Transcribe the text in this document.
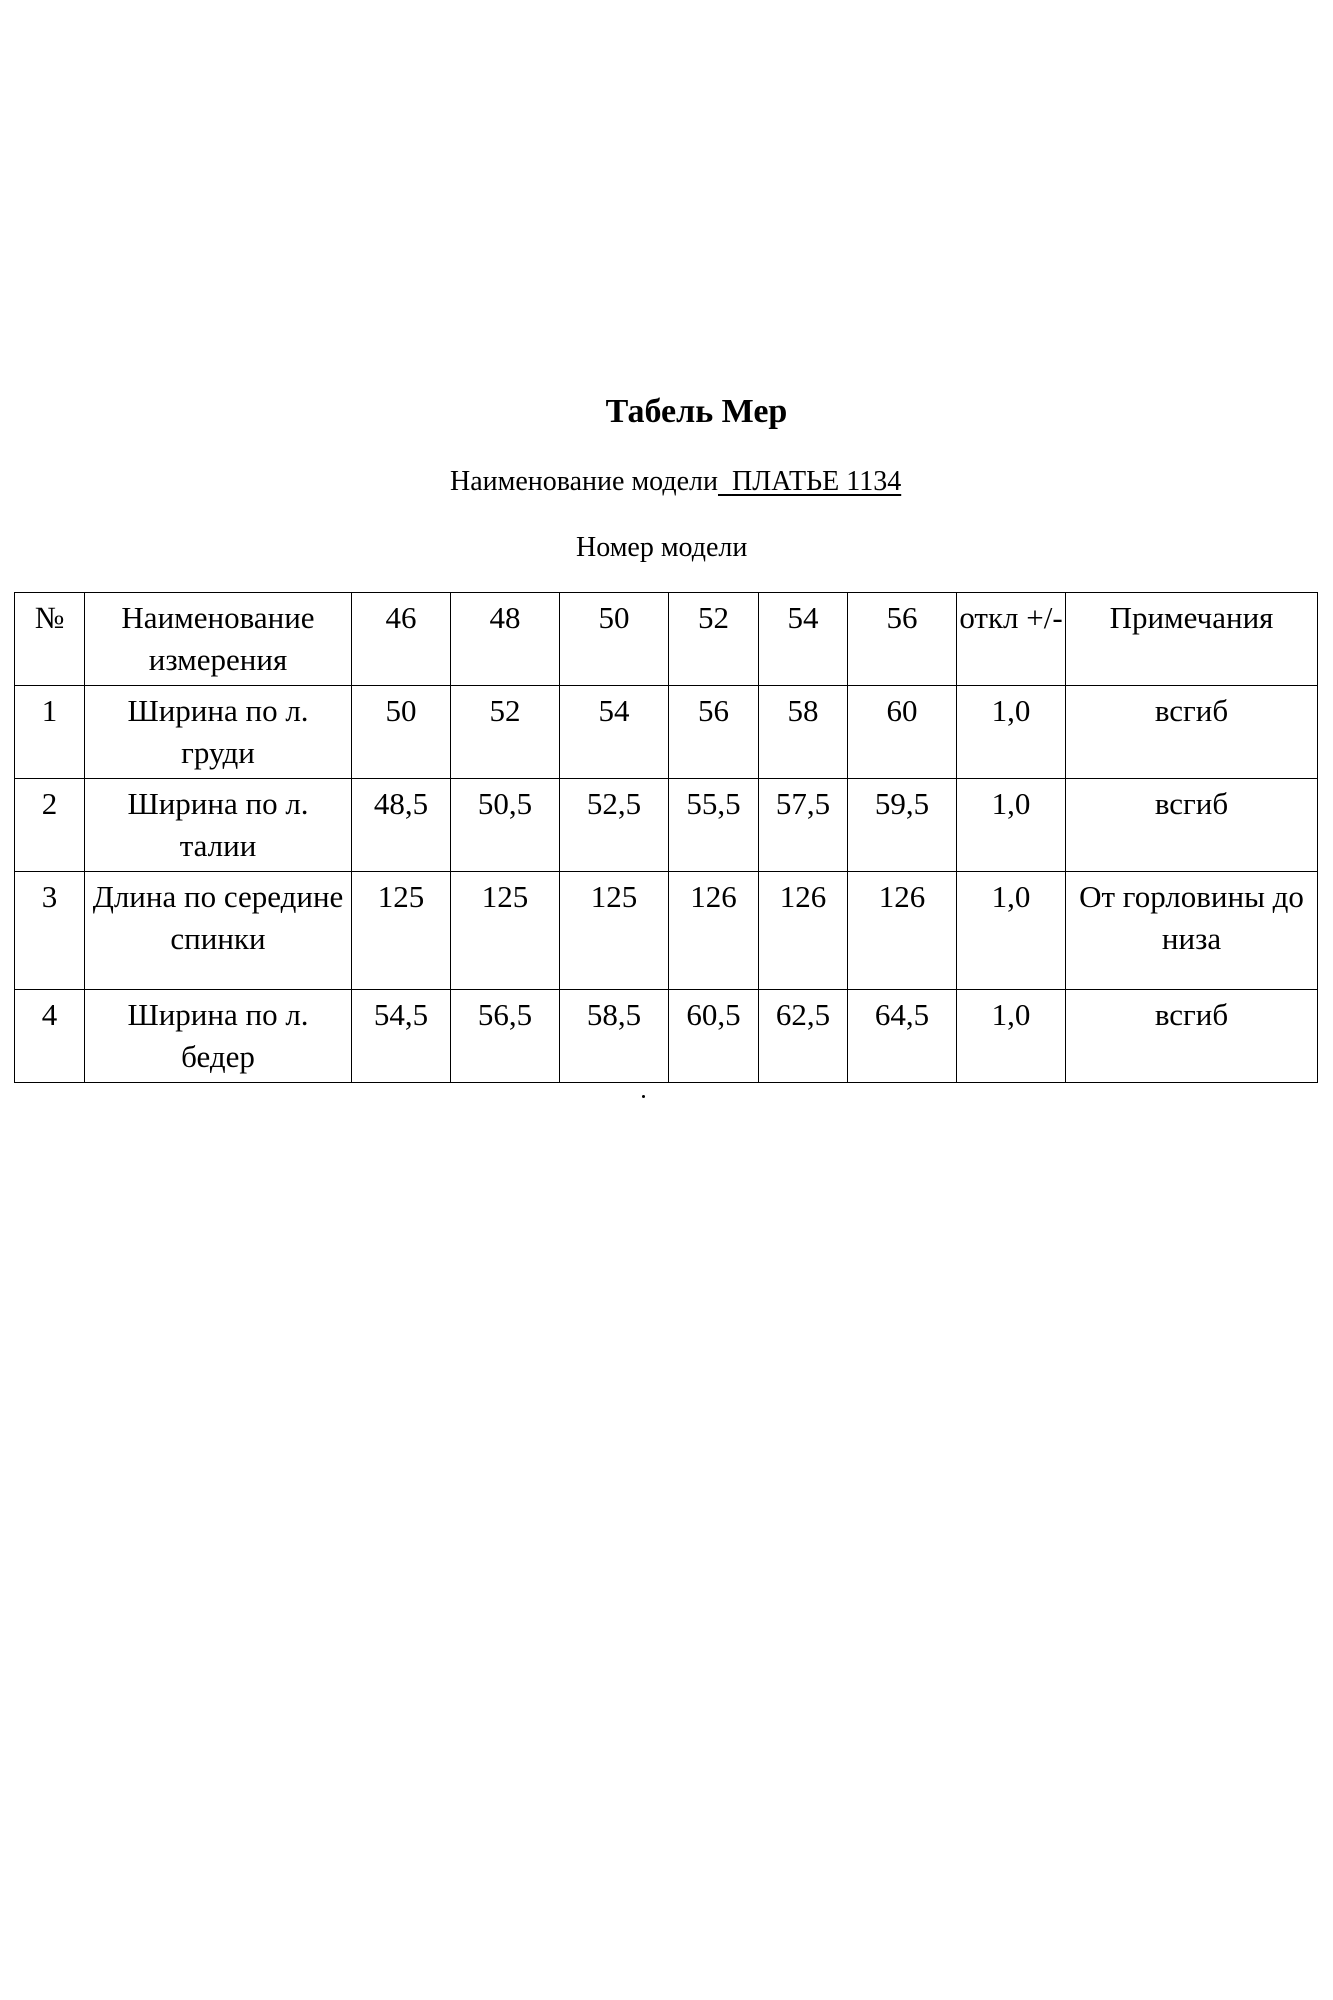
Табель Мер
Наименование модели ПЛАТЬЕ 1134
Номер модели
№	Наименование измерения	46	48	50	52	54	56	откл +/-	Примечания
1	Ширина по л. груди	50	52	54	56	58	60	1,0	всгиб
2	Ширина по л. талии	48,5	50,5	52,5	55,5	57,5	59,5	1,0	всгиб
3	Длина по середине спинки	125	125	125	126	126	126	1,0	От горловины до низа
4	Ширина по л. бедер	54,5	56,5	58,5	60,5	62,5	64,5	1,0	всгиб
